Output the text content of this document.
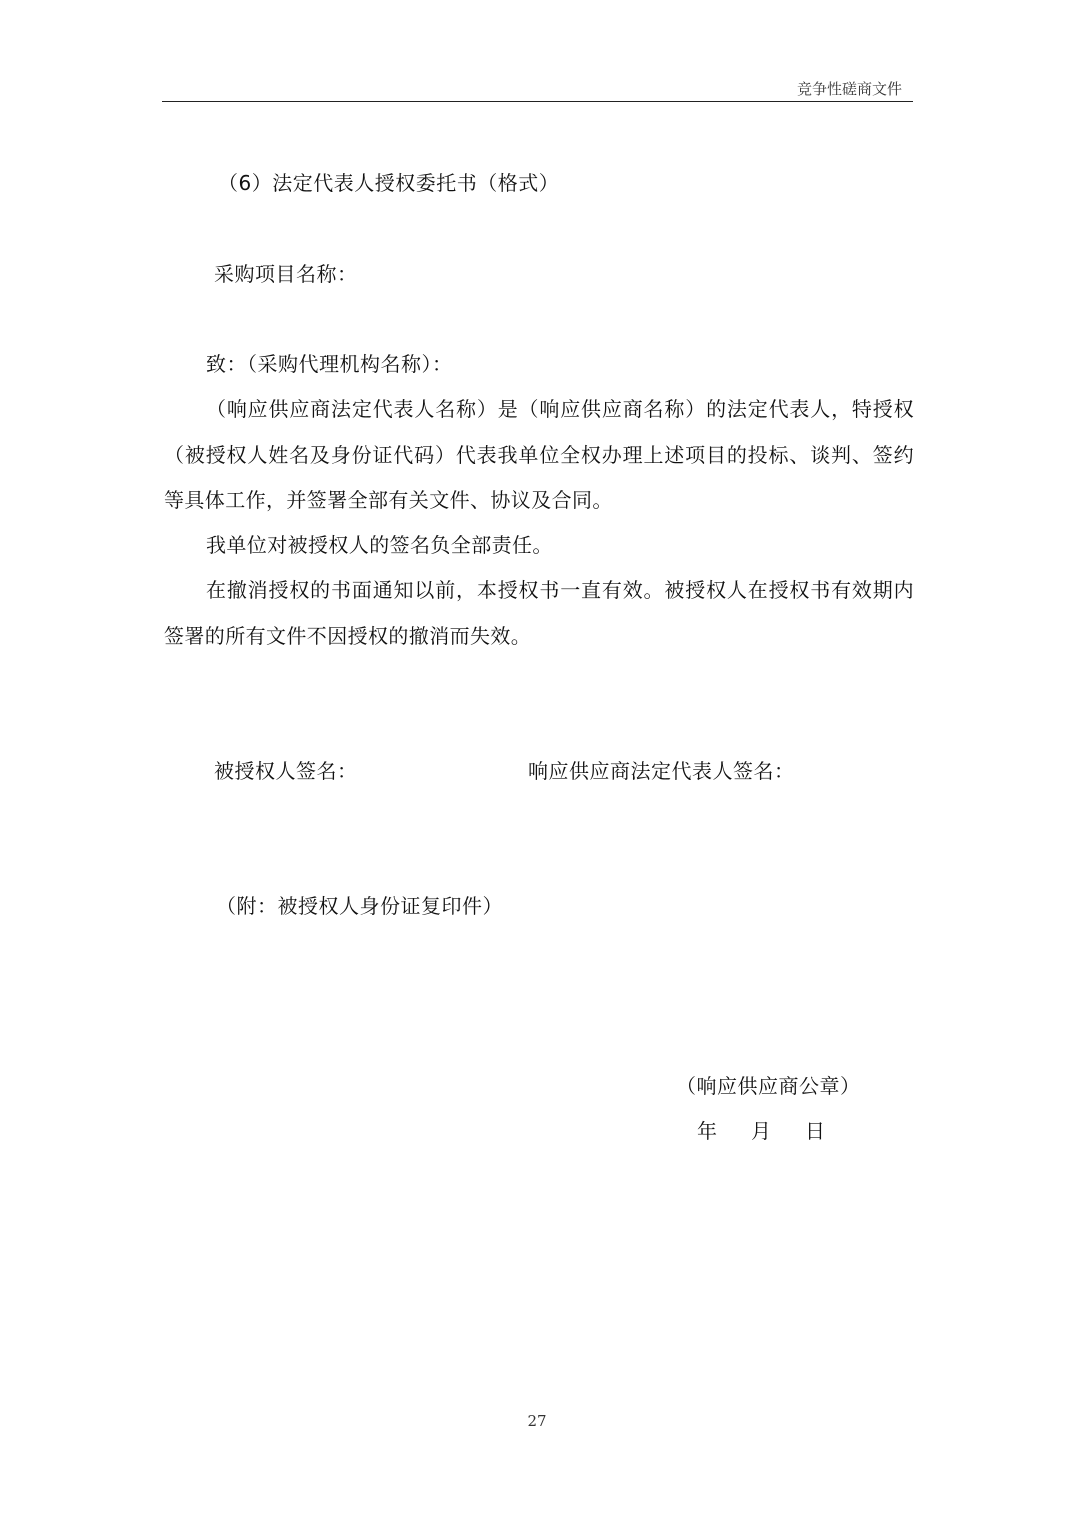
竞争性磋商文件
（6）法定代表人授权委托书（格式）
采购项目名称：
致：（采购代理机构名称）：

（响应供应商法定代表人名称）是（响应供应商名称）的法定代表人，特授权（被授权人姓名及身份证代码）代表我单位全权办理上述项目的投标、谈判、签约等具体工作，并签署全部有关文件、协议及合同。

我单位对被授权人的签名负全部责任。

在撤消授权的书面通知以前，本授权书一直有效。被授权人在授权书有效期内签署的所有文件不因授权的撤消而失效。

被授权人签名：	响应供应商法定代表人签名：
（附：被授权人身份证复印件）
（响应供应商公章）
年	月	日
27
